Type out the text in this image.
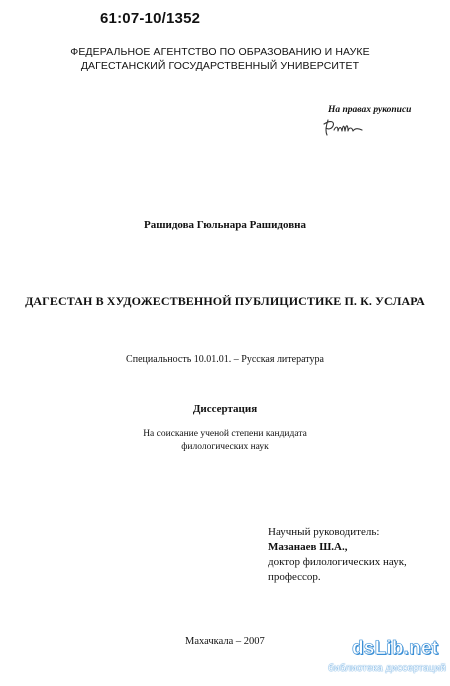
61:07-10/1352
ФЕДЕРАЛЬНОЕ АГЕНТСТВО ПО ОБРАЗОВАНИЮ И НАУКЕ
ДАГЕСТАНСКИЙ ГОСУДАРСТВЕННЫЙ УНИВЕРСИТЕТ
На правах рукописи
Рашидова Гюльнара Рашидовна
ДАГЕСТАН В ХУДОЖЕСТВЕННОЙ ПУБЛИЦИСТИКЕ П. К. УСЛАРА
Специальность 10.01.01. – Русская литература
Диссертация
На соискание ученой степени кандидата
филологических наук
Научный руководитель:
Мазанаев Ш.А.,
доктор филологических наук,
профессор.
Махачкала – 2007	dsLib.net
библиотека диссертаций
